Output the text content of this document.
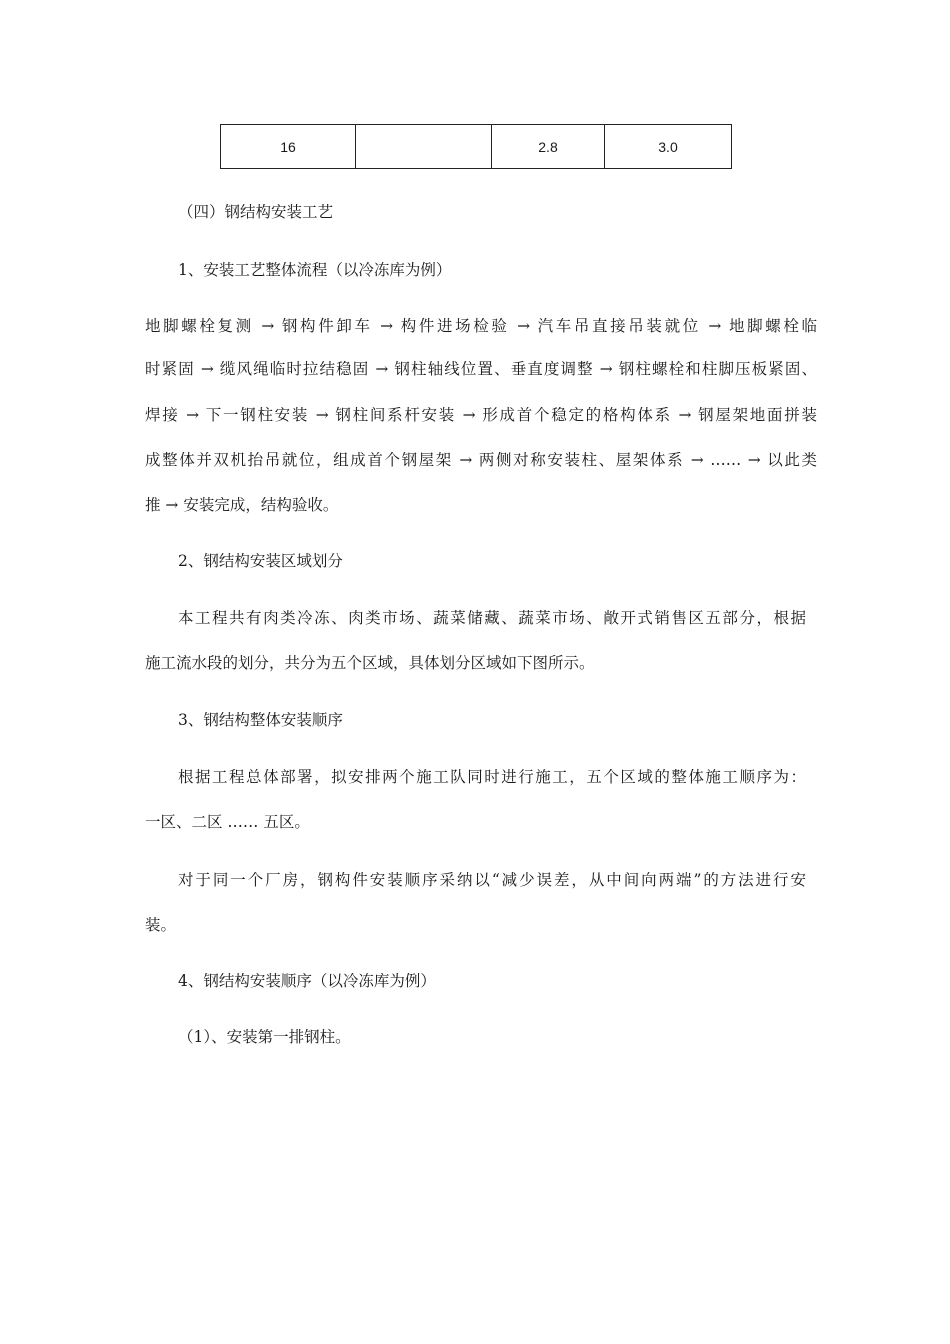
16		2.8	3.0
（四）钢结构安装工艺
1、安装工艺整体流程（以冷冻库为例）
地脚螺栓复测 → 钢构件卸车 → 构件进场检验 → 汽车吊直接吊装就位 → 地脚螺栓临
时紧固 → 缆风绳临时拉结稳固 → 钢柱轴线位置、垂直度调整 → 钢柱螺栓和柱脚压板紧固、
焊接 → 下一钢柱安装 → 钢柱间系杆安装 → 形成首个稳定的格构体系 → 钢屋架地面拼装
成整体并双机抬吊就位，组成首个钢屋架 → 两侧对称安装柱、屋架体系 → …… → 以此类
推 → 安装完成，结构验收。
2、钢结构安装区域划分
本工程共有肉类冷冻、肉类市场、蔬菜储藏、蔬菜市场、敞开式销售区五部分，根据
施工流水段的划分，共分为五个区域，具体划分区域如下图所示。
3、钢结构整体安装顺序
根据工程总体部署，拟安排两个施工队同时进行施工，五个区域的整体施工顺序为：
一区、二区 …… 五区。
对于同一个厂房，钢构件安装顺序采纳以“减少误差，从中间向两端”的方法进行安
装。
4、钢结构安装顺序（以冷冻库为例）
（1）、安装第一排钢柱。
